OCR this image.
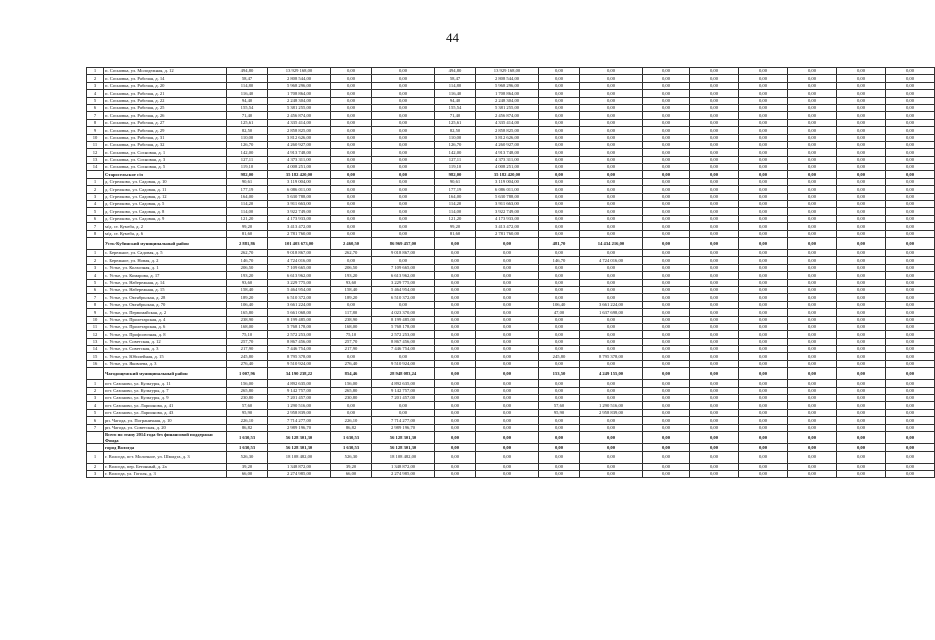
44
1	п. Сосновка, ул. Молодежная, д. 12	494,80	13 929 168,00	0,00	0,00	494,80	13 929 168,00	0,00	0,00	0,00	0,00	0,00	0,00	0,00	0,00
2	п. Сосновка, ул. Рабочая, д. 14	58,47	2 808 544,00	0,00	0,00	58,47	2 808 544,00	0,00	0,00	0,00	0,00	0,00	0,00	0,00	0,00
3	п. Сосновка, ул. Рабочая, д. 20	114,80	5 968 296,00	0,00	0,00	114,80	5 968 296,00	0,00	0,00	0,00	0,00	0,00	0,00	0,00	0,00
4	п. Сосновка, ул. Рабочая, д. 21	116,40	1 708 864,00	0,00	0,00	116,40	1 708 864,00	0,00	0,00	0,00	0,00	0,00	0,00	0,00	0,00
5	п. Сосновка, ул. Рабочая, д. 22	94,40	2 248 304,00	0,00	0,00	94,40	2 248 304,00	0,00	0,00	0,00	0,00	0,00	0,00	0,00	0,00
6	п. Сосновка, ул. Рабочая, д. 25	155,54	5 381 255,00	0,00	0,00	155,54	5 381 255,00	0,00	0,00	0,00	0,00	0,00	0,00	0,00	0,00
7	п. Сосновка, ул. Рабочая, д. 26	71,40	2 456 874,00	0,00	0,00	71,40	2 456 874,00	0,00	0,00	0,00	0,00	0,00	0,00	0,00	0,00
8	п. Сосновка, ул. Рабочая, д. 27	125,61	4 335 414,00	0,00	0,00	125,61	4 335 414,00	0,00	0,00	0,00	0,00	0,00	0,00	0,00	0,00
9	п. Сосновка, ул. Рабочая, д. 29	82,50	2 858 825,00	0,00	0,00	82,50	2 858 825,00	0,00	0,00	0,00	0,00	0,00	0,00	0,00	0,00
10	п. Сосновка, ул. Рабочая, д. 31	110,00	3 812 626,00	0,00	0,00	110,00	3 812 626,00	0,00	0,00	0,00	0,00	0,00	0,00	0,00	0,00
11	п. Сосновка, ул. Рабочая, д. 32	126,70	4 260 927,00	0,00	0,00	126,70	4 260 927,00	0,00	0,00	0,00	0,00	0,00	0,00	0,00	0,00
12	п. Сосновка, ул. Сосновая, д. 1	142,00	4 913 748,00	0,00	0,00	142,00	4 913 748,00	0,00	0,00	0,00	0,00	0,00	0,00	0,00	0,00
13	п. Сосновка, ул. Сосновая, д. 3	127,11	4 373 311,00	0,00	0,00	127,11	4 373 311,00	0,00	0,00	0,00	0,00	0,00	0,00	0,00	0,00
14	п. Сосновка, ул. Сосновая, д. 5	119,10	4 008 251,00	0,00	0,00	119,10	4 008 251,00	0,00	0,00	0,00	0,00	0,00	0,00	0,00	0,00
	Старосельское с/п	982,00	35 182 420,00	0,00	0,00	982,00	35 182 420,00	0,00	0,00	0,00	0,00	0,00	0,00	0,00	0,00
1	д. Стрелково, ул. Садовая, д. 10	90,61	3 119 004,00	0,00	0,00	90,61	3 119 004,00	0,00	0,00	0,00	0,00	0,00	0,00	0,00	0,00
2	д. Стрелково, ул. Садовая, д. 11	177,19	6 086 011,00	0,00	0,00	177,19	6 086 011,00	0,00	0,00	0,00	0,00	0,00	0,00	0,00	0,00
3	д. Стрелково, ул. Садовая, д. 12	164,00	5 630 788,00	0,00	0,00	164,00	5 630 788,00	0,00	0,00	0,00	0,00	0,00	0,00	0,00	0,00
4	д. Стрелково, ул. Садовая, д. 5	114,20	3 911 663,00	0,00	0,00	114,20	3 911 663,00	0,00	0,00	0,00	0,00	0,00	0,00	0,00	0,00
5	д. Стрелково, ул. Садовая, д. 8	114,00	3 922 749,00	0,00	0,00	114,00	3 922 749,00	0,00	0,00	0,00	0,00	0,00	0,00	0,00	0,00
6	д. Стрелково, ул. Садовая, д. 9	121,20	4 173 933,00	0,00	0,00	121,20	4 173 933,00	0,00	0,00	0,00	0,00	0,00	0,00	0,00	0,00
7	м/д. ст. Кумзба, д. 2	99,20	3 413 472,00	0,00	0,00	99,20	3 413 472,00	0,00	0,00	0,00	0,00	0,00	0,00	0,00	0,00
8	м/д. ст. Кумзба, д. 6	81,60	2 781 760,00	0,00	0,00	81,60	2 781 760,00	0,00	0,00	0,00	0,00	0,00	0,00	0,00	0,00
	Усть-Кубинский муниципальный район	2 881,86	101 403 673,00	2 460,50	86 969 457,00	0,00	0,00	481,70	14 434 216,00	0,00	0,00	0,00	0,00	0,00	0,00
1	с. Бережное, ул. Садовая, д. 5	262,70	9 018 867,00	262,70	9 018 867,00	0,00	0,00	0,00	0,00	0,00	0,00	0,00	0,00	0,00	0,00
2	с. Бережное, ул. Новая, д. 2	146,70	4 724 016,00	0,00	0,00	0,00	0,00	146,70	4 724 016,00	0,00	0,00	0,00	0,00	0,00	0,00
3	с. Устье, ул. Колхозная, д. 1	206,50	7 109 665,00	206,50	7 109 665,00	0,00	0,00	0,00	0,00	0,00	0,00	0,00	0,00	0,00	0,00
4	с. Устье, ул. Комарова, д. 17	193,20	6 613 962,00	193,20	6 613 962,00	0,00	0,00	0,00	0,00	0,00	0,00	0,00	0,00	0,00	0,00
5	с. Устье, ул. Набережная, д. 14	93,60	3 229 775,00	93,60	3 229 775,00	0,00	0,00	0,00	0,00	0,00	0,00	0,00	0,00	0,00	0,00
6	с. Устье, ул. Набережная, д. 15	158,40	5 464 954,00	158,40	5 464 954,00	0,00	0,00	0,00	0,00	0,00	0,00	0,00	0,00	0,00	0,00
7	с. Устье, ул. Октябрьская, д. 28	189,20	6 510 372,00	189,20	6 510 372,00	0,00	0,00	0,00	0,00	0,00	0,00	0,00	0,00	0,00	0,00
8	с. Устье, ул. Октябрьская, д. 70	106,40	3 661 224,00	0,00	0,00	0,00	0,00	106,40	3 661 224,00	0,00	0,00	0,00	0,00	0,00	0,00
9	с. Устье, ул. Первомайская, д. 2	165,80	5 661 068,00	117,80	4 023 370,00	0,00	0,00	47,00	1 637 698,00	0,00	0,00	0,00	0,00	0,00	0,00
10	с. Устье, ул. Пролетарская, д. 4	238,90	8 199 485,00	238,90	8 199 485,00	0,00	0,00	0,00	0,00	0,00	0,00	0,00	0,00	0,00	0,00
11	с. Устье, ул. Пролетарская, д. 6	168,00	5 768 178,00	168,00	5 768 178,00	0,00	0,00	0,00	0,00	0,00	0,00	0,00	0,00	0,00	0,00
12	с. Устье, ул. Профсоюзная, д. 8	75,10	2 572 253,00	75,10	2 572 253,00	0,00	0,00	0,00	0,00	0,00	0,00	0,00	0,00	0,00	0,00
13	с. Устье, ул. Советская, д. 12	257,70	8 867 456,00	257,70	8 867 456,00	0,00	0,00	0,00	0,00	0,00	0,00	0,00	0,00	0,00	0,00
14	с. Устье, ул. Советская, д. 3	217,90	7 446 754,00	217,90	7 446 754,00	0,00	0,00	0,00	0,00	0,00	0,00	0,00	0,00	0,00	0,00
15	с. Устье, ул. Юбилейная, д. 15	245,80	8 795 378,00	0,00	0,00	0,00	0,00	245,80	8 795 378,00	0,00	0,00	0,00	0,00	0,00	0,00
16	с. Устье, ул. Яковлева, д. 3	276,40	9 510 924,00	276,40	9 510 924,00	0,00	0,00	0,00	0,00	0,00	0,00	0,00	0,00	0,00	0,00
	Чагодощенский муниципальный район	1 007,96	34 190 238,22	854,46	28 948 083,24	0,00	0,00	153,50	4 249 155,00	0,00	0,00	0,00	0,00	0,00	0,00
1	пгт. Сазоново, ул. Культуры, д. 11	156,00	4 892 635,00	156,00	4 892 635,00	0,00	0,00	0,00	0,00	0,00	0,00	0,00	0,00	0,00	0,00
2	пгт. Сазоново, ул. Культуры, д. 7	265,80	9 142 757,00	265,80	9 142 757,00	0,00	0,00	0,00	0,00	0,00	0,00	0,00	0,00	0,00	0,00
3	пгт. Сазоново, ул. Культуры, д. 9	230,80	7 201 457,00	230,80	7 201 457,00	0,00	0,00	0,00	0,00	0,00	0,00	0,00	0,00	0,00	0,00
4	пгт. Сазоново, ул. Ларионова, д. 41	57,60	1 290 516,00	0,00	0,00	0,00	0,00	57,60	1 290 516,00	0,00	0,00	0,00	0,00	0,00	0,00
5	пгт. Сазоново, ул. Ларионова, д. 43	95,90	2 958 839,00	0,00	0,00	0,00	0,00	95,90	2 958 839,00	0,00	0,00	0,00	0,00	0,00	0,00
6	рп. Чагода, ул. Пограничная, д. 10	226,10	7 714 277,00	226,10	7 714 277,00	0,00	0,00	0,00	0,00	0,00	0,00	0,00	0,00	0,00	0,00
7	рп. Чагода, ул. Советская, д. 20	86,82	2 989 196,70	86,82	2 989 196,70	0,00	0,00	0,00	0,00	0,00	0,00	0,00	0,00	0,00	0,00
	Всего по этапу 2014 года без финансовой поддержки Фонда	1 630,53	56 128 301,30	1 630,53	56 128 301,30	0,00	0,00	0,00	0,00	0,00	0,00	0,00	0,00	0,00	0,00
	город Вологда	1 630,53	56 128 301,30	1 630,53	56 128 301,30	0,00	0,00	0,00	0,00	0,00	0,00	0,00	0,00	0,00	0,00
1	г. Вологда, пгт. Молочное, ул. Шмидта, д. 3	526,30	18 108 482,00	526,30	18 108 482,00	0,00	0,00	0,00	0,00	0,00	0,00	0,00	0,00	0,00	0,00
2	г. Вологда, пер. Бетонный, д. 2а	39,20	1 348 872,00	39,20	1 348 872,00	0,00	0,00	0,00	0,00	0,00	0,00	0,00	0,00	0,00	0,00
3	г. Вологда, ул. Гоголя, д. 3	66,00	2 274 985,00	66,00	2 274 985,00	0,00	0,00	0,00	0,00	0,00	0,00	0,00	0,00	0,00	0,00
